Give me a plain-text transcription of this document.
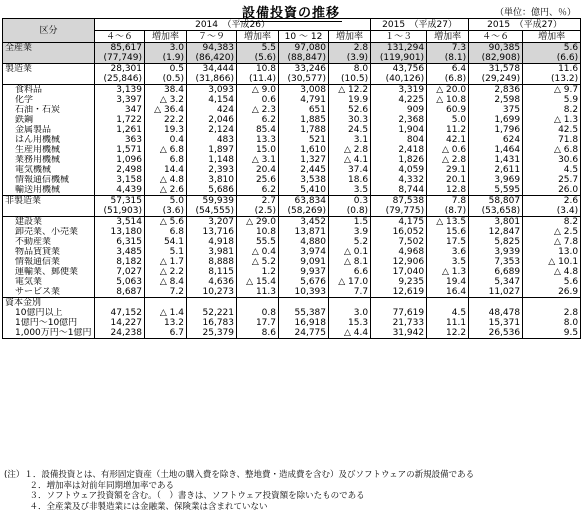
設備投資の推移	（単位：億円、％）
区分	2014　（平成26）						2015　（平成27）		2015　（平成27）	
	４～６	増加率	７～９	増加率	10 ～ 12	増加率	１～３	増加率	４～６	増加率
全産業	85,617	3.0	94,383	5.5	97,080	2.8	131,294	7.3	90,385	5.6
	(77,749)	(1.9)	(86,420)	(5.6)	(88,847)	(3.9)	(119,901)	(8.1)	(82,908)	(6.6)
製造業	28,301	0.5	34,444	10.8	33,246	8.0	43,756	6.4	31,578	11.6
	(25,846)	(0.5)	(31,866)	(11.4)	(30,577)	(10.5)	(40,126)	(6.8)	(29,249)	(13.2)
食料品	3,139	38.4	3,093	△ 9.0	3,008	△ 12.2	3,319	△ 20.0	2,836	△ 9.7
化学	3,397	△ 3.2	4,154	0.6	4,791	19.9	4,225	△ 10.8	2,598	5.9
石油・石炭	347	△ 36.4	424	△ 2.3	651	52.6	909	60.9	375	8.2
鉄鋼	1,722	22.2	2,046	6.2	1,885	30.3	2,368	5.0	1,699	△ 1.3
金属製品	1,261	19.3	2,124	85.4	1,788	24.5	1,904	11.2	1,796	42.5
はん用機械	363	0.4	483	13.3	521	3.1	804	42.1	624	71.8
生産用機械	1,571	△ 6.8	1,897	15.0	1,610	△ 2.8	2,418	△ 0.6	1,464	△ 6.8
業務用機械	1,096	6.8	1,148	△ 3.1	1,327	△ 4.1	1,826	△ 2.8	1,431	30.6
電気機械	2,498	14.4	2,393	20.4	2,445	37.4	4,059	29.1	2,611	4.5
情報通信機械	3,158	△ 4.8	3,810	25.6	3,538	18.6	4,332	20.1	3,969	25.7
輸送用機械	4,439	△ 2.6	5,686	6.2	5,410	3.5	8,744	12.8	5,595	26.0
非製造業	57,315	5.0	59,939	2.7	63,834	0.3	87,538	7.8	58,807	2.6
	(51,903)	(3.6)	(54,555)	(2.5)	(58,269)	(0.8)	(79,775)	(8.7)	(53,658)	(3.4)
建設業	3,514	△ 5.6	3,207	△ 29.0	3,452	1.5	4,175	△ 13.5	3,801	8.2
卸売業、小売業	13,180	6.8	13,716	10.8	13,871	3.9	16,052	15.6	12,847	△ 2.5
不動産業	6,315	54.1	4,918	55.5	4,880	5.2	7,502	17.5	5,825	△ 7.8
物品賃貸業	3,485	5.1	3,981	△ 0.4	3,974	△ 0.1	4,968	3.6	3,939	13.0
情報通信業	8,182	△ 1.7	8,888	△ 5.2	9,091	△ 8.1	12,906	3.5	7,353	△ 10.1
運輸業、郵便業	7,027	△ 2.2	8,115	1.2	9,937	6.6	17,040	△ 1.3	6,689	△ 4.8
電気業	5,063	△ 8.4	4,636	△ 15.4	5,676	△ 17.0	9,235	19.4	5,347	5.6
サービス業	8,687	7.2	10,273	11.3	10,393	7.7	12,619	16.4	11,027	26.9
資本金別										
10億円以上	47,152	△ 1.4	52,221	0.8	55,387	3.0	77,619	4.5	48,478	2.8
1億円～10億円	14,227	13.2	16,783	17.7	16,918	15.3	21,733	11.1	15,371	8.0
1,000万円～1億円	24,238	6.7	25,379	8.6	24,775	△ 4.4	31,942	12.2	26,536	9.5
(注）１．設備投資とは、有形固定資産（土地の購入費を除き、整地費・造成費を含む）及びソフトウェアの新規設備である
　　　２．増加率は対前年同期増加率である
　　　３．ソフトウェア投資額を含む。（　）書きは、ソフトウェア投資額を除いたものである
　　　４．全産業及び非製造業には金融業、保険業は含まれていない
